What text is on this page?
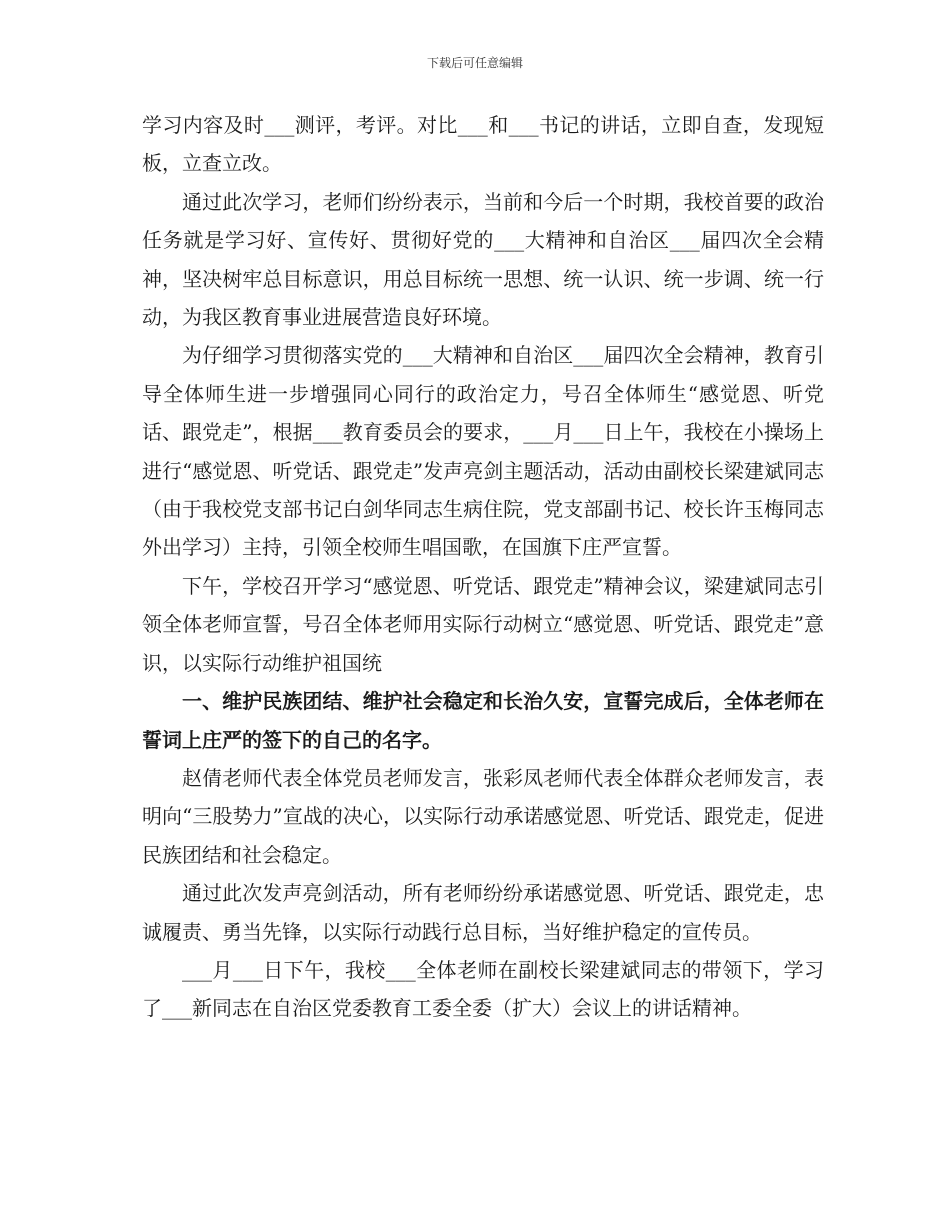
下载后可任意编辑

学习内容及时___测评，考评。对比___和___书记的讲话，立即自查，发现短板，立查立改。

通过此次学习，老师们纷纷表示，当前和今后一个时期，我校首要的政治任务就是学习好、宣传好、贯彻好党的___大精神和自治区___届四次全会精神，坚决树牢总目标意识，用总目标统一思想、统一认识、统一步调、统一行动，为我区教育事业进展营造良好环境。

为仔细学习贯彻落实党的___大精神和自治区___届四次全会精神，教育引导全体师生进一步增强同心同行的政治定力，号召全体师生“感觉恩、听党话、跟党走”，根据___教育委员会的要求，___月___日上午，我校在小操场上进行“感觉恩、听党话、跟党走”发声亮剑主题活动，活动由副校长梁建斌同志（由于我校党支部书记白剑华同志生病住院，党支部副书记、校长许玉梅同志外出学习）主持，引领全校师生唱国歌，在国旗下庄严宣誓。

下午，学校召开学习“感觉恩、听党话、跟党走”精神会议，梁建斌同志引领全体老师宣誓，号召全体老师用实际行动树立“感觉恩、听党话、跟党走”意识，以实际行动维护祖国统

一、维护民族团结、维护社会稳定和长治久安，宣誓完成后，全体老师在誓词上庄严的签下的自己的名字。

赵倩老师代表全体党员老师发言，张彩凤老师代表全体群众老师发言，表明向“三股势力”宣战的决心，以实际行动承诺感觉恩、听党话、跟党走，促进民族团结和社会稳定。

通过此次发声亮剑活动，所有老师纷纷承诺感觉恩、听党话、跟党走，忠诚履责、勇当先锋，以实际行动践行总目标，当好维护稳定的宣传员。

___月___日下午，我校___全体老师在副校长梁建斌同志的带领下，学习了___新同志在自治区党委教育工委全委（扩大）会议上的讲话精神。
